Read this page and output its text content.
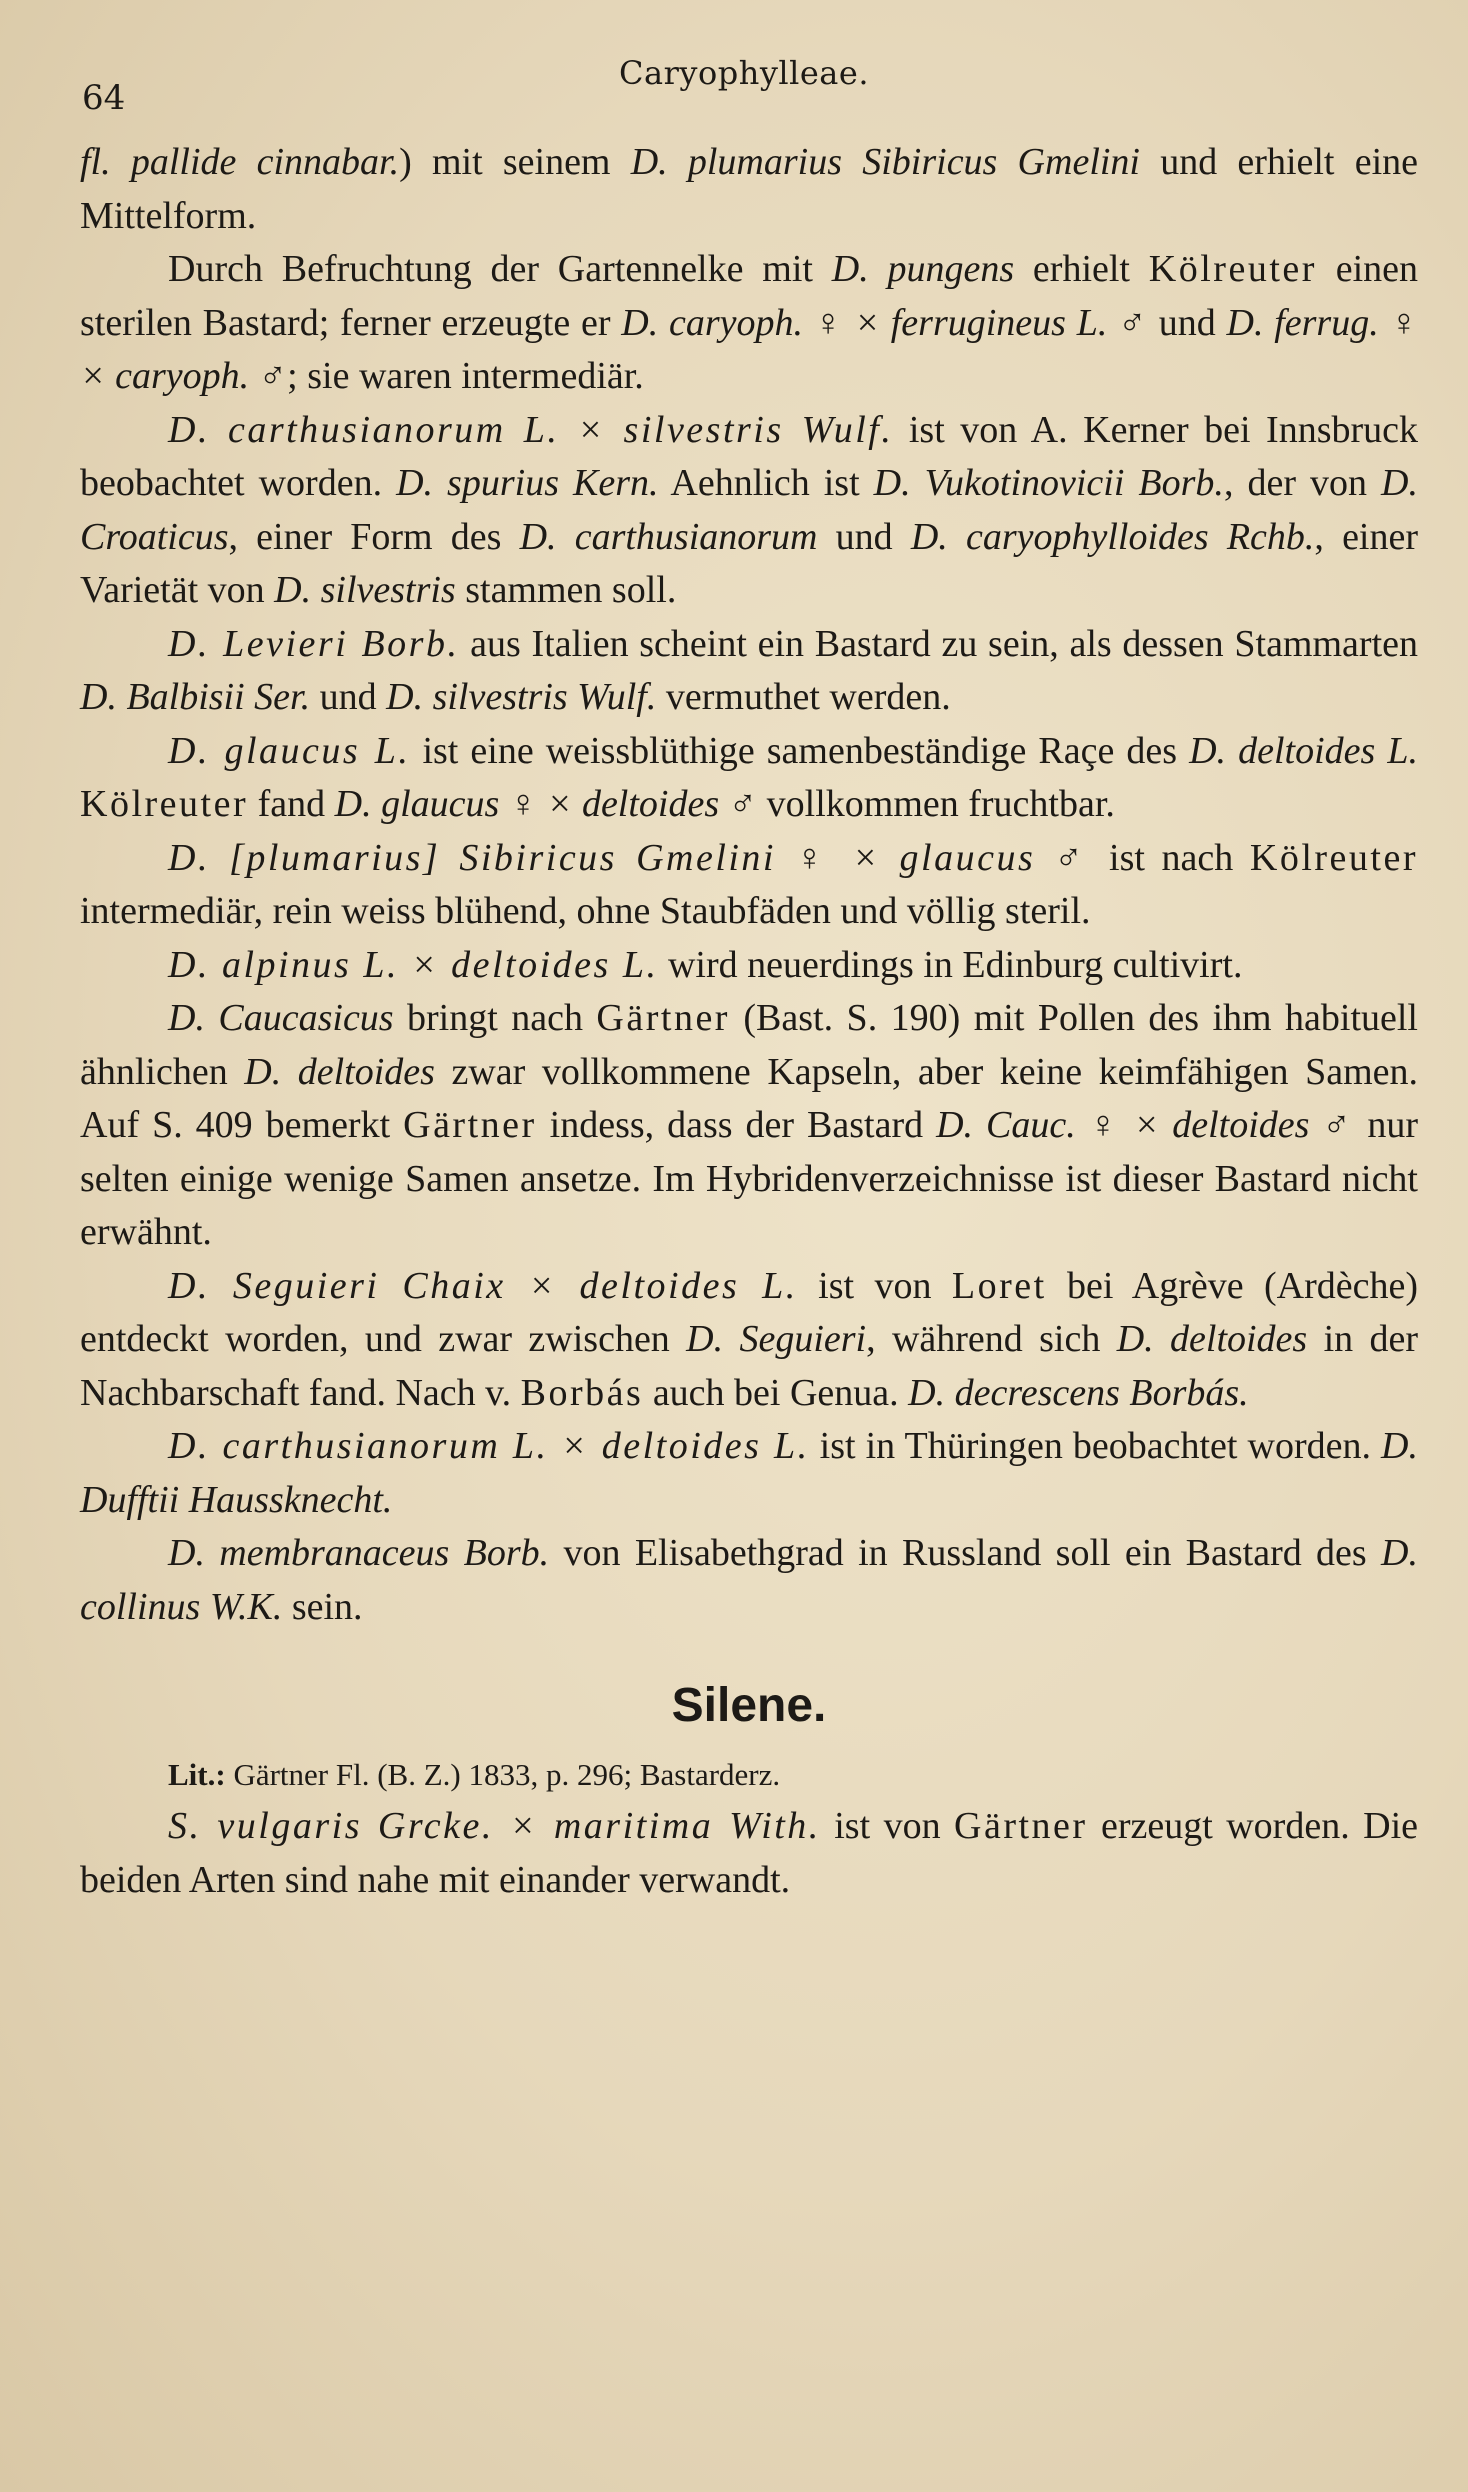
64
Caryophylleae.

fl. pallide cinnabar.) mit seinem D. plumarius Sibiricus Gmelini und erhielt eine Mittelform.

Durch Befruchtung der Gartennelke mit D. pungens erhielt Kölreuter einen sterilen Bastard; ferner erzeugte er D. caryoph. ♀ × ferrugineus L. ♂ und D. ferrug. ♀ × caryoph. ♂; sie waren intermediär.

D. carthusianorum L. × silvestris Wulf. ist von A. Kerner bei Innsbruck beobachtet worden. D. spurius Kern. Aehnlich ist D. Vukotinovicii Borb., der von D. Croaticus, einer Form des D. carthusianorum und D. caryophylloides Rchb., einer Varietät von D. silvestris stammen soll.

D. Levieri Borb. aus Italien scheint ein Bastard zu sein, als dessen Stammarten D. Balbisii Ser. und D. silvestris Wulf. vermuthet werden.

D. glaucus L. ist eine weissblüthige samenbeständige Raçe des D. deltoides L. Kölreuter fand D. glaucus ♀ × deltoides ♂ vollkommen fruchtbar.

D. [plumarius] Sibiricus Gmelini ♀ × glaucus ♂ ist nach Kölreuter intermediär, rein weiss blühend, ohne Staubfäden und völlig steril.

D. alpinus L. × deltoides L. wird neuerdings in Edinburg cultivirt.

D. Caucasicus bringt nach Gärtner (Bast. S. 190) mit Pollen des ihm habituell ähnlichen D. deltoides zwar vollkommene Kapseln, aber keine keimfähigen Samen. Auf S. 409 bemerkt Gärtner indess, dass der Bastard D. Cauc. ♀ × deltoides ♂ nur selten einige wenige Samen ansetze. Im Hybridenverzeichnisse ist dieser Bastard nicht erwähnt.

D. Seguieri Chaix × deltoides L. ist von Loret bei Agrève (Ardèche) entdeckt worden, und zwar zwischen D. Seguieri, während sich D. deltoides in der Nachbarschaft fand. Nach v. Borbás auch bei Genua. D. decrescens Borbás.

D. carthusianorum L. × deltoides L. ist in Thüringen beobachtet worden. D. Dufftii Haussknecht.

D. membranaceus Borb. von Elisabethgrad in Russland soll ein Bastard des D. collinus W.K. sein.

Silene.

Lit.: Gärtner Fl. (B. Z.) 1833, p. 296; Bastarderz.

S. vulgaris Grcke. × maritima With. ist von Gärtner erzeugt worden. Die beiden Arten sind nahe mit einander verwandt.
